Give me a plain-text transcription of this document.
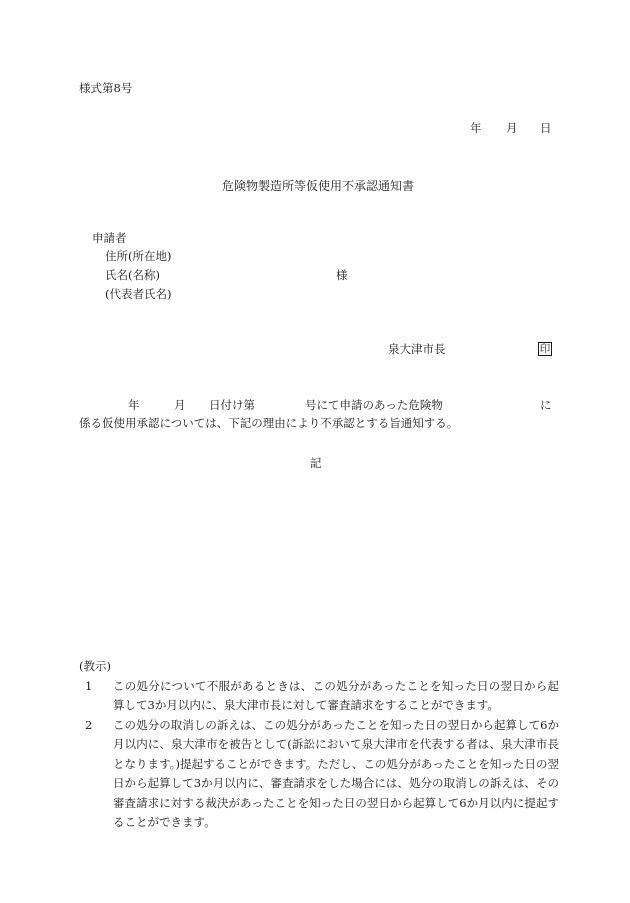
様式第8号
年 月 日
危険物製造所等仮使用不承認通知書
申請者
住所(所在地)
氏名(名称)	様
(代表者氏名)
泉大津市長	印
年	月 日付け第	号にて申請のあった危険物	に
係る仮使用承認については、下記の理由により不承認とする旨通知する。
記
(教示)
1	この処分について不服があるときは、この処分があったことを知った日の翌日から起算して3か月以内に、泉大津市長に対して審査請求をすることができます。
2	この処分の取消しの訴えは、この処分があったことを知った日の翌日から起算して6か月以内に、泉大津市を被告として(訴訟において泉大津市を代表する者は、泉大津市長となります。)提起することができます。ただし、この処分があったことを知った日の翌日から起算して3か月以内に、審査請求をした場合には、処分の取消しの訴えは、その審査請求に対する裁決があったことを知った日の翌日から起算して6か月以内に提起することができます。
